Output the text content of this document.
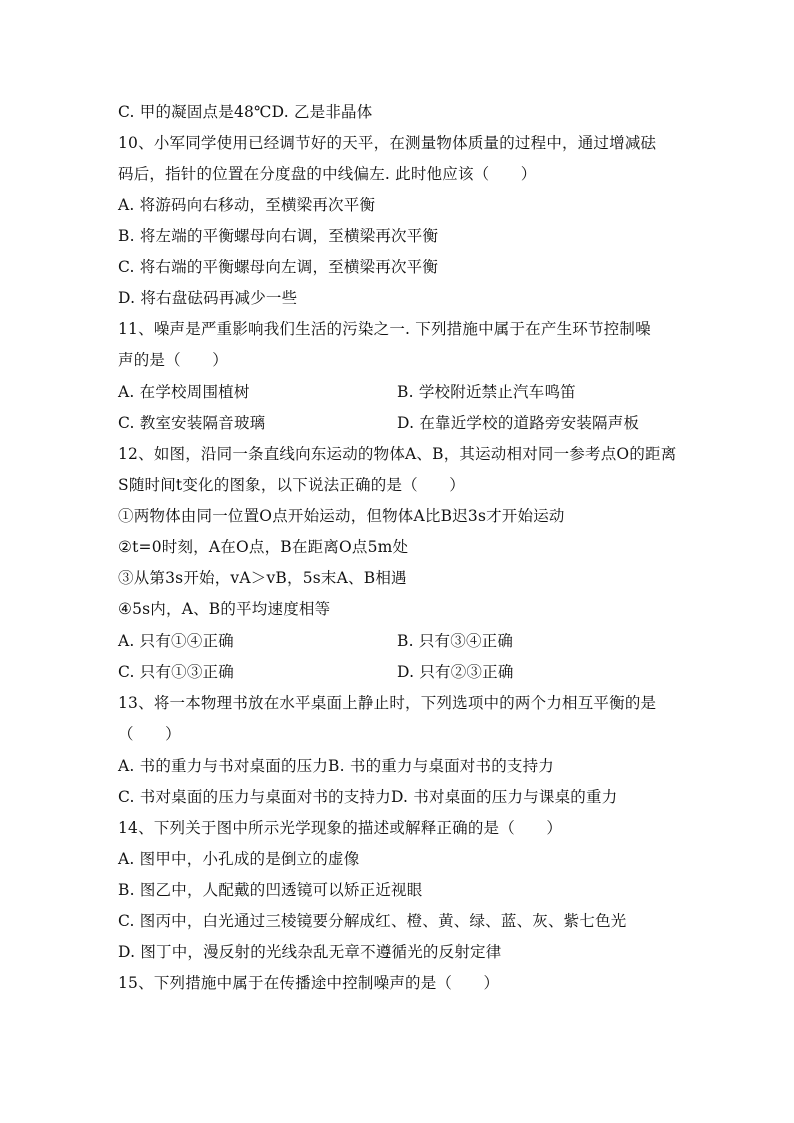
C. 甲的凝固点是48℃D. 乙是非晶体
10、小军同学使用已经调节好的天平，在测量物体质量的过程中，通过增减砝
码后，指针的位置在分度盘的中线偏左. 此时他应该（　　）
A. 将游码向右移动，至横梁再次平衡
B. 将左端的平衡螺母向右调，至横梁再次平衡
C. 将右端的平衡螺母向左调，至横梁再次平衡
D. 将右盘砝码再减少一些
11、噪声是严重影响我们生活的污染之一. 下列措施中属于在产生环节控制噪
声的是（　　）
A. 在学校周围植树	B. 学校附近禁止汽车鸣笛
C. 教室安装隔音玻璃	D. 在靠近学校的道路旁安装隔声板
12、如图，沿同一条直线向东运动的物体A、B，其运动相对同一参考点O的距离
S随时间t变化的图象，以下说法正确的是（　　）
①两物体由同一位置O点开始运动，但物体A比B迟3s才开始运动
②t=0时刻，A在O点，B在距离O点5m处
③从第3s开始，vA＞vB，5s末A、B相遇
④5s内，A、B的平均速度相等
A. 只有①④正确	B. 只有③④正确
C. 只有①③正确	D. 只有②③正确
13、将一本物理书放在水平桌面上静止时，下列选项中的两个力相互平衡的是
（　　）
A. 书的重力与书对桌面的压力B. 书的重力与桌面对书的支持力
C. 书对桌面的压力与桌面对书的支持力D. 书对桌面的压力与课桌的重力
14、下列关于图中所示光学现象的描述或解释正确的是（　　）
A. 图甲中，小孔成的是倒立的虚像
B. 图乙中，人配戴的凹透镜可以矫正近视眼
C. 图丙中，白光通过三棱镜要分解成红、橙、黄、绿、蓝、灰、紫七色光
D. 图丁中，漫反射的光线杂乱无章不遵循光的反射定律
15、下列措施中属于在传播途中控制噪声的是（　　）
